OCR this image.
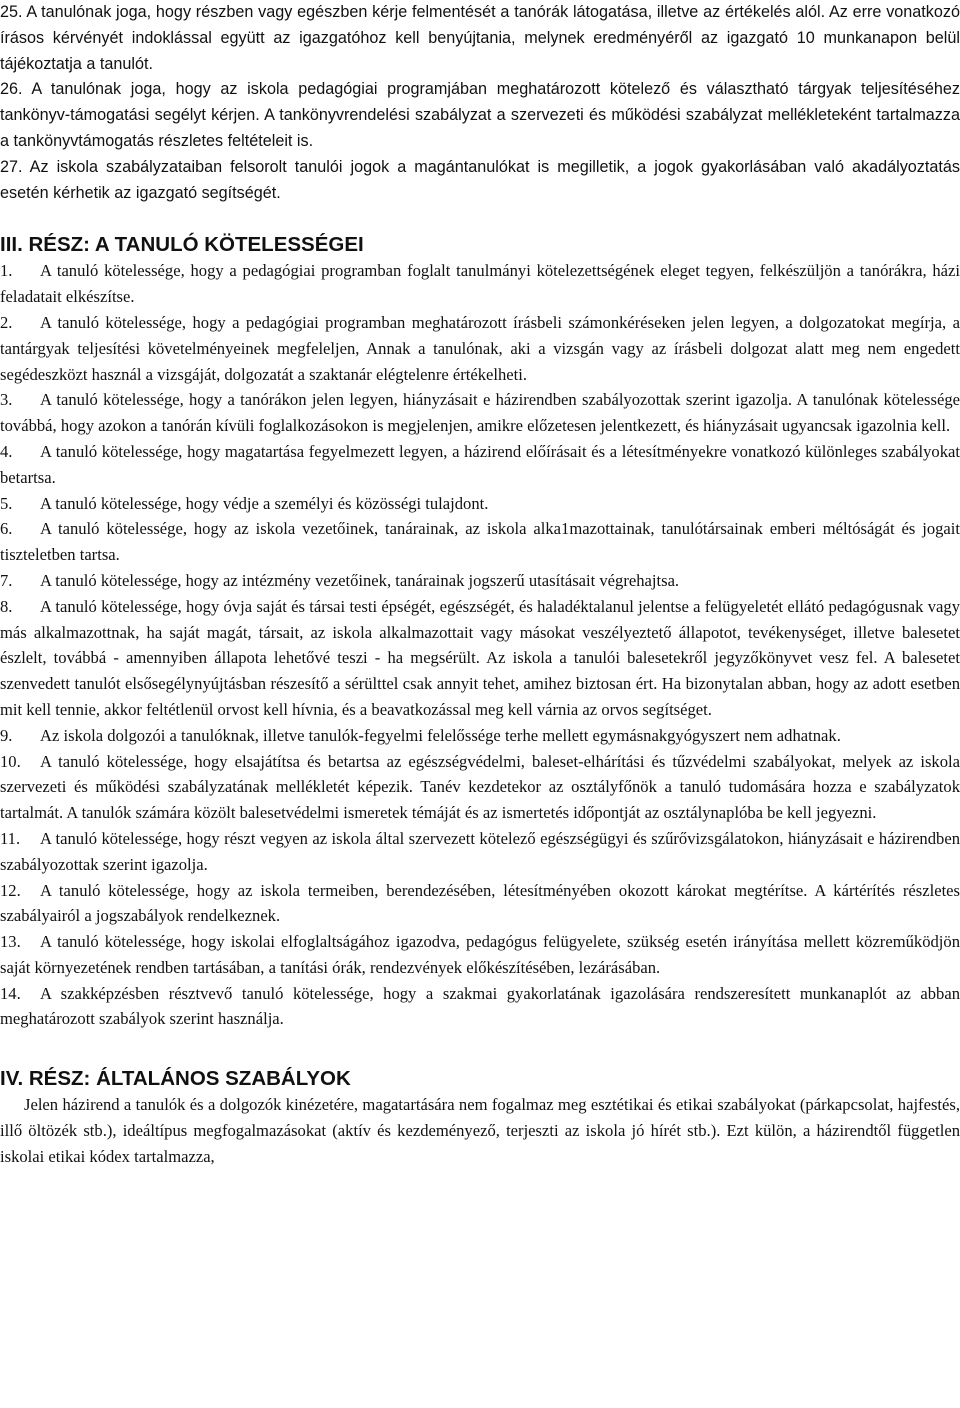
25. A tanulónak joga, hogy részben vagy egészben kérje felmentését a tanórák látogatása, illetve az értékelés alól. Az erre vonatkozó írásos kérvényét indoklással együtt az igazgatóhoz kell benyújtania, melynek eredményéről az igazgató 10 munkanapon belül tájékoztatja a tanulót.

26. A tanulónak joga, hogy az iskola pedagógiai programjában meghatározott kötelező és választható tárgyak teljesítéséhez tankönyv-támogatási segélyt kérjen. A tankönyvrendelési szabályzat a szervezeti és működési szabályzat mellékleteként tartalmazza a tankönyvtámogatás részletes feltételeit is.

27. Az iskola szabályzataiban felsorolt tanulói jogok a magántanulókat is megilletik, a jogok gyakorlásában való akadályoztatás esetén kérhetik az igazgató segítségét.

III. RÉSZ: A TANULÓ KÖTELESSÉGEI

1. A tanuló kötelessége, hogy a pedagógiai programban foglalt tanulmányi kötelezettségének eleget tegyen, felkészüljön a tanórákra, házi feladatait elkészítse.

2. A tanuló kötelessége, hogy a pedagógiai programban meghatározott írásbeli számonkéréseken jelen legyen, a dolgozatokat megírja, a tantárgyak teljesítési követelményeinek megfeleljen, Annak a tanulónak, aki a vizsgán vagy az írásbeli dolgozat alatt meg nem engedett segédeszközt használ a vizsgáját, dolgozatát a szaktanár elégtelenre értékelheti.

3. A tanuló kötelessége, hogy a tanórákon jelen legyen, hiányzásait e házirendben szabályozottak szerint igazolja. A tanulónak kötelessége továbbá, hogy azokon a tanórán kívüli foglalkozásokon is megjelenjen, amikre előzetesen jelentkezett, és hiányzásait ugyancsak igazolnia kell.

4. A tanuló kötelessége, hogy magatartása fegyelmezett legyen, a házirend előírásait és a létesítményekre vonatkozó különleges szabályokat betartsa.

5. A tanuló kötelessége, hogy védje a személyi és közösségi tulajdont.

6. A tanuló kötelessége, hogy az iskola vezetőinek, tanárainak, az iskola alka1mazottainak, tanulótársainak emberi méltóságát és jogait tiszteletben tartsa.

7. A tanuló kötelessége, hogy az intézmény vezetőinek, tanárainak jogszerű utasításait végrehajtsa.

8. A tanuló kötelessége, hogy óvja saját és társai testi épségét, egészségét, és haladéktalanul jelentse a felügyeletét ellátó pedagógusnak vagy más alkalmazottnak, ha saját magát, társait, az iskola alkalmazottait vagy másokat veszélyeztető állapotot, tevékenységet, illetve balesetet észlelt, továbbá - amennyiben állapota lehetővé teszi - ha megsérült. Az iskola a tanulói balesetekről jegyzőkönyvet vesz fel. A balesetet szenvedett tanulót elsősegélynyújtásban részesítő a sérülttel csak annyit tehet, amihez biztosan ért. Ha bizonytalan abban, hogy az adott esetben mit kell tennie, akkor feltétlenül orvost kell hívnia, és a beavatkozással meg kell várnia az orvos segítséget.

9. Az iskola dolgozói a tanulóknak, illetve tanulók-fegyelmi felelőssége terhe mellett egymásnakgyógyszert nem adhatnak.

10. A tanuló kötelessége, hogy elsajátítsa és betartsa az egészségvédelmi, baleset-elhárítási és tűzvédelmi szabályokat, melyek az iskola szervezeti és működési szabályzatának mellékletét képezik. Tanév kezdetekor az osztályfőnök a tanuló tudomására hozza e szabályzatok tartalmát. A tanulók számára közölt balesetvédelmi ismeretek témáját és az ismertetés időpontját az osztálynaplóba be kell jegyezni.

11. A tanuló kötelessége, hogy részt vegyen az iskola által szervezett kötelező egészségügyi és szűrővizsgálatokon, hiányzásait e házirendben szabályozottak szerint igazolja.

12. A tanuló kötelessége, hogy az iskola termeiben, berendezésében, létesítményében okozott károkat megtérítse. A kártérítés részletes szabályairól a jogszabályok rendelkeznek.

13. A tanuló kötelessége, hogy iskolai elfoglaltságához igazodva, pedagógus felügyelete, szükség esetén irányítása mellett közreműködjön saját környezetének rendben tartásában, a tanítási órák, rendezvények előkészítésében, lezárásában.

14. A szakképzésben résztvevő tanuló kötelessége, hogy a szakmai gyakorlatának igazolására rendszeresített munkanaplót az abban meghatározott szabályok szerint használja.

IV. RÉSZ: ÁLTALÁNOS SZABÁLYOK

Jelen házirend a tanulók és a dolgozók kinézetére, magatartására nem fogalmaz meg esztétikai és etikai szabályokat (párkapcsolat, hajfestés, illő öltözék stb.), ideáltípus megfogalmazásokat (aktív és kezdeményező, terjeszti az iskola jó hírét stb.). Ezt külön, a házirendtől független iskolai etikai kódex tartalmazza,
